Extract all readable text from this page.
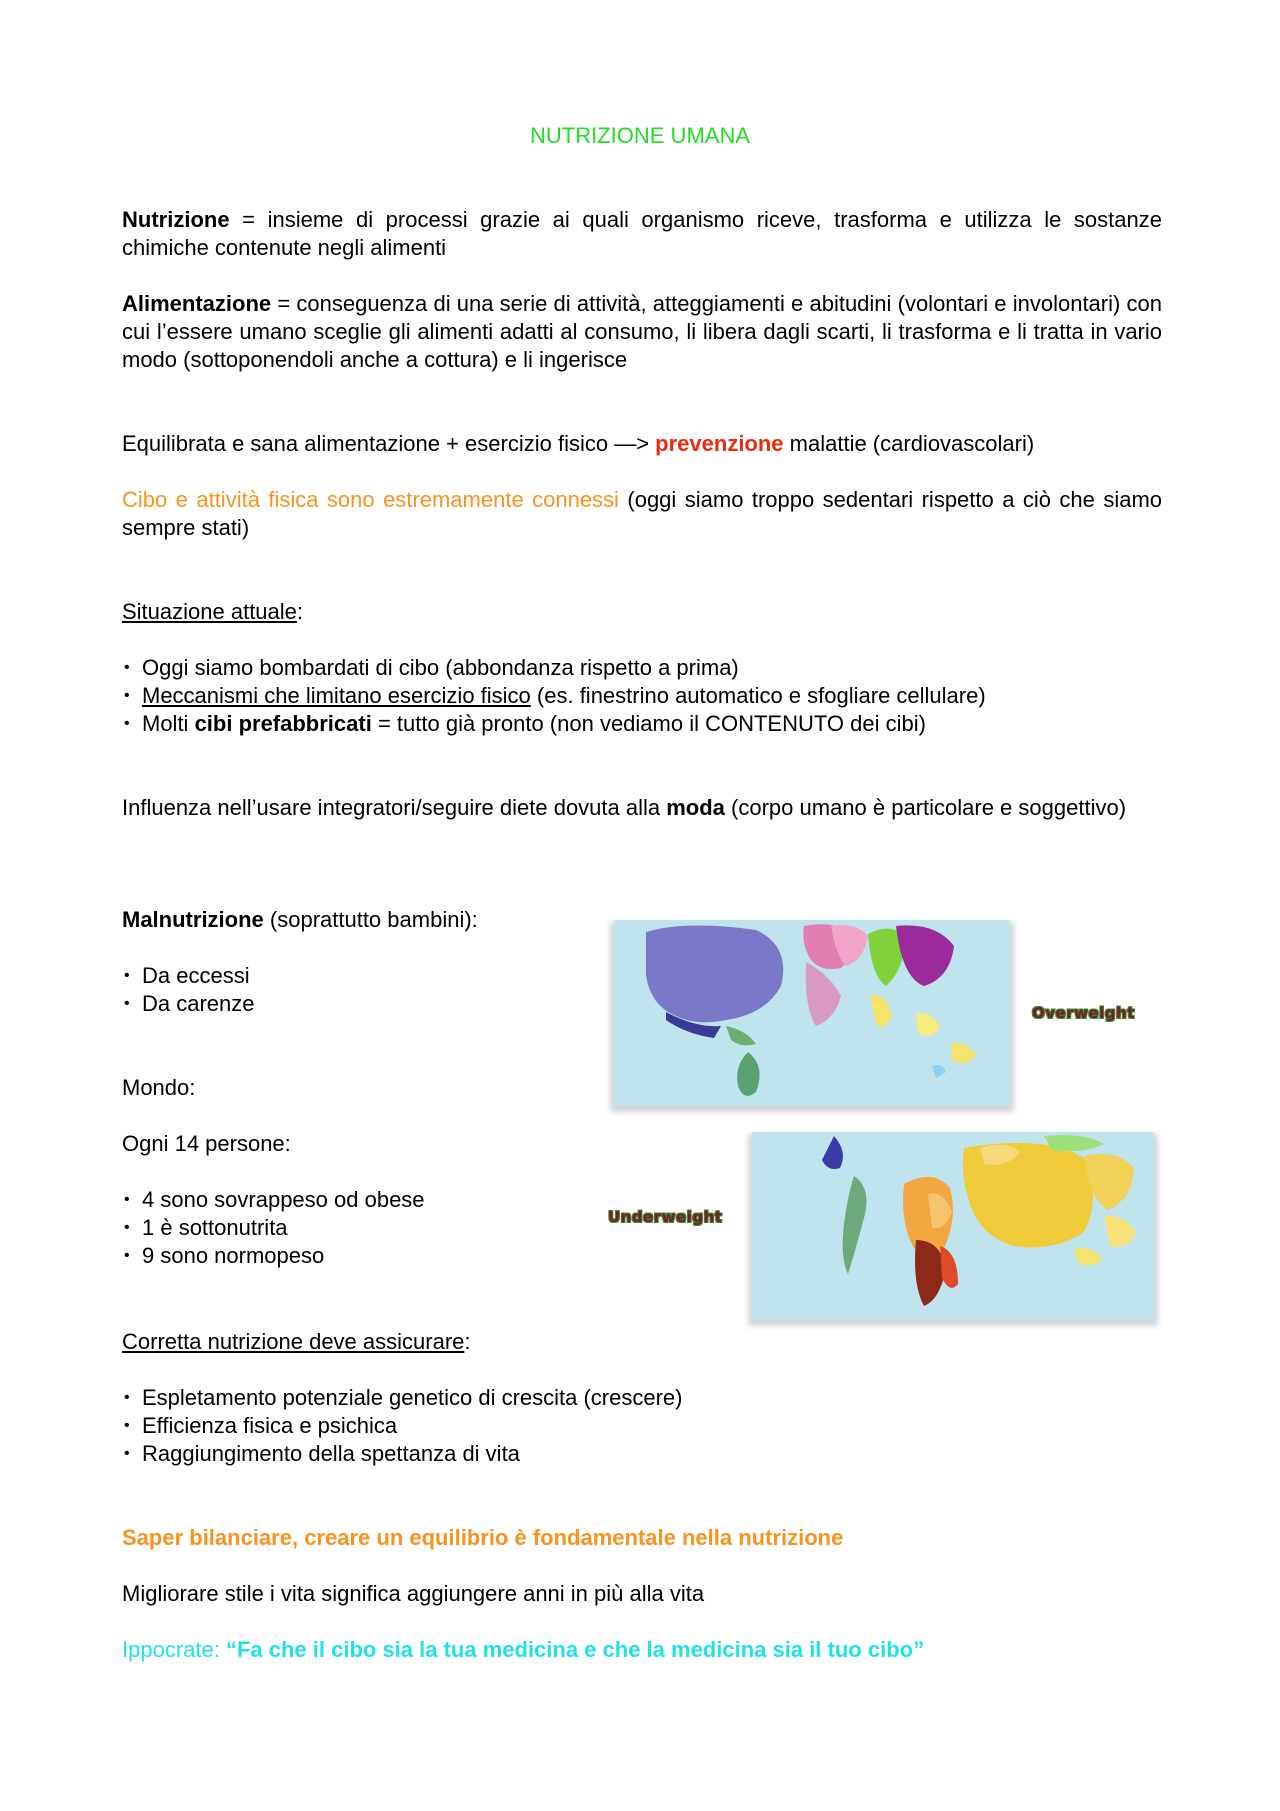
NUTRIZIONE UMANA

Nutrizione = insieme di processi grazie ai quali organismo riceve, trasforma e utilizza le sostanze chimiche contenute negli alimenti

Alimentazione = conseguenza di una serie di attività, atteggiamenti e abitudini (volontari e involontari) con cui l’essere umano sceglie gli alimenti adatti al consumo, li libera dagli scarti, li trasforma e li tratta in vario modo (sottoponendoli anche a cottura) e li ingerisce

Equilibrata e sana alimentazione + esercizio fisico —> prevenzione malattie (cardiovascolari)

Cibo e attività fisica sono estremamente connessi (oggi siamo troppo sedentari rispetto a ciò che siamo sempre stati)

Situazione attuale:

• Oggi siamo bombardati di cibo (abbondanza rispetto a prima)
• Meccanismi che limitano esercizio fisico (es. finestrino automatico e sfogliare cellulare)
• Molti cibi prefabbricati = tutto già pronto (non vediamo il CONTENUTO dei cibi)

Influenza nell’usare integratori/seguire diete dovuta alla moda (corpo umano è particolare e soggettivo)

Malnutrizione (soprattutto bambini):

• Da eccessi
• Da carenze

Mondo:

Ogni 14 persone:

• 4 sono sovrappeso od obese
• 1 è sottonutrita
• 9 sono normopeso
Overweight
Underweight

Corretta nutrizione deve assicurare:

• Espletamento potenziale genetico di crescita (crescere)
• Efficienza fisica e psichica
• Raggiungimento della spettanza di vita

Saper bilanciare, creare un equilibrio è fondamentale nella nutrizione

Migliorare stile i vita significa aggiungere anni in più alla vita

Ippocrate: “Fa che il cibo sia la tua medicina e che la medicina sia il tuo cibo”
